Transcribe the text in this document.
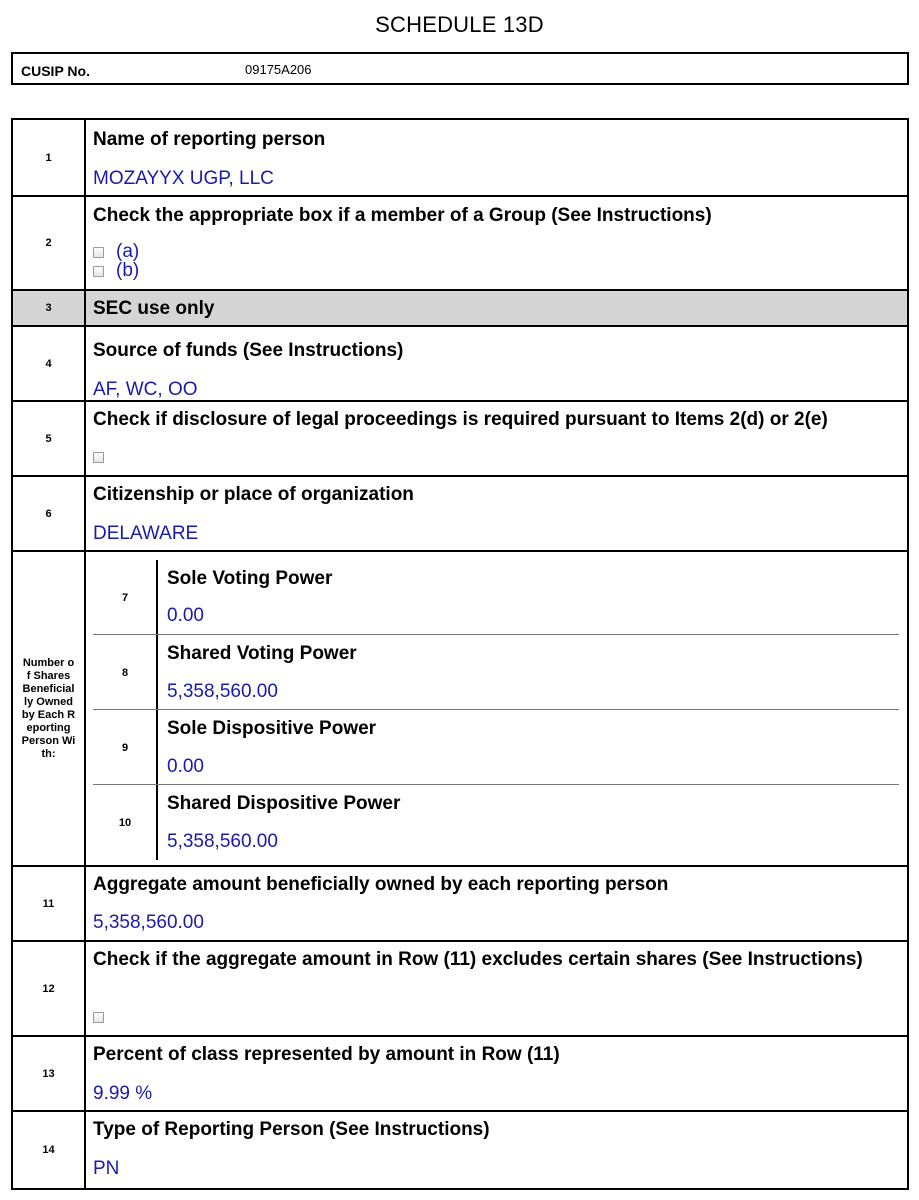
SCHEDULE 13D
CUSIP No.	09175A206
1
Name of reporting person
MOZAYYX UGP, LLC
2
Check the appropriate box if a member of a Group (See Instructions)
(a)
(b)
3	SEC use only
4
Source of funds (See Instructions)
AF, WC, OO
5
Check if disclosure of legal proceedings is required pursuant to Items 2(d) or 2(e)
6
Citizenship or place of organization
DELAWARE
Number of Shares Beneficially Owned by Each Reporting Person With:
7
Sole Voting Power
0.00
8
Shared Voting Power
5,358,560.00
9
Sole Dispositive Power
0.00
10
Shared Dispositive Power
5,358,560.00
11
Aggregate amount beneficially owned by each reporting person
5,358,560.00
12
Check if the aggregate amount in Row (11) excludes certain shares (See Instructions)
13
Percent of class represented by amount in Row (11)
9.99 %
14
Type of Reporting Person (See Instructions)
PN
